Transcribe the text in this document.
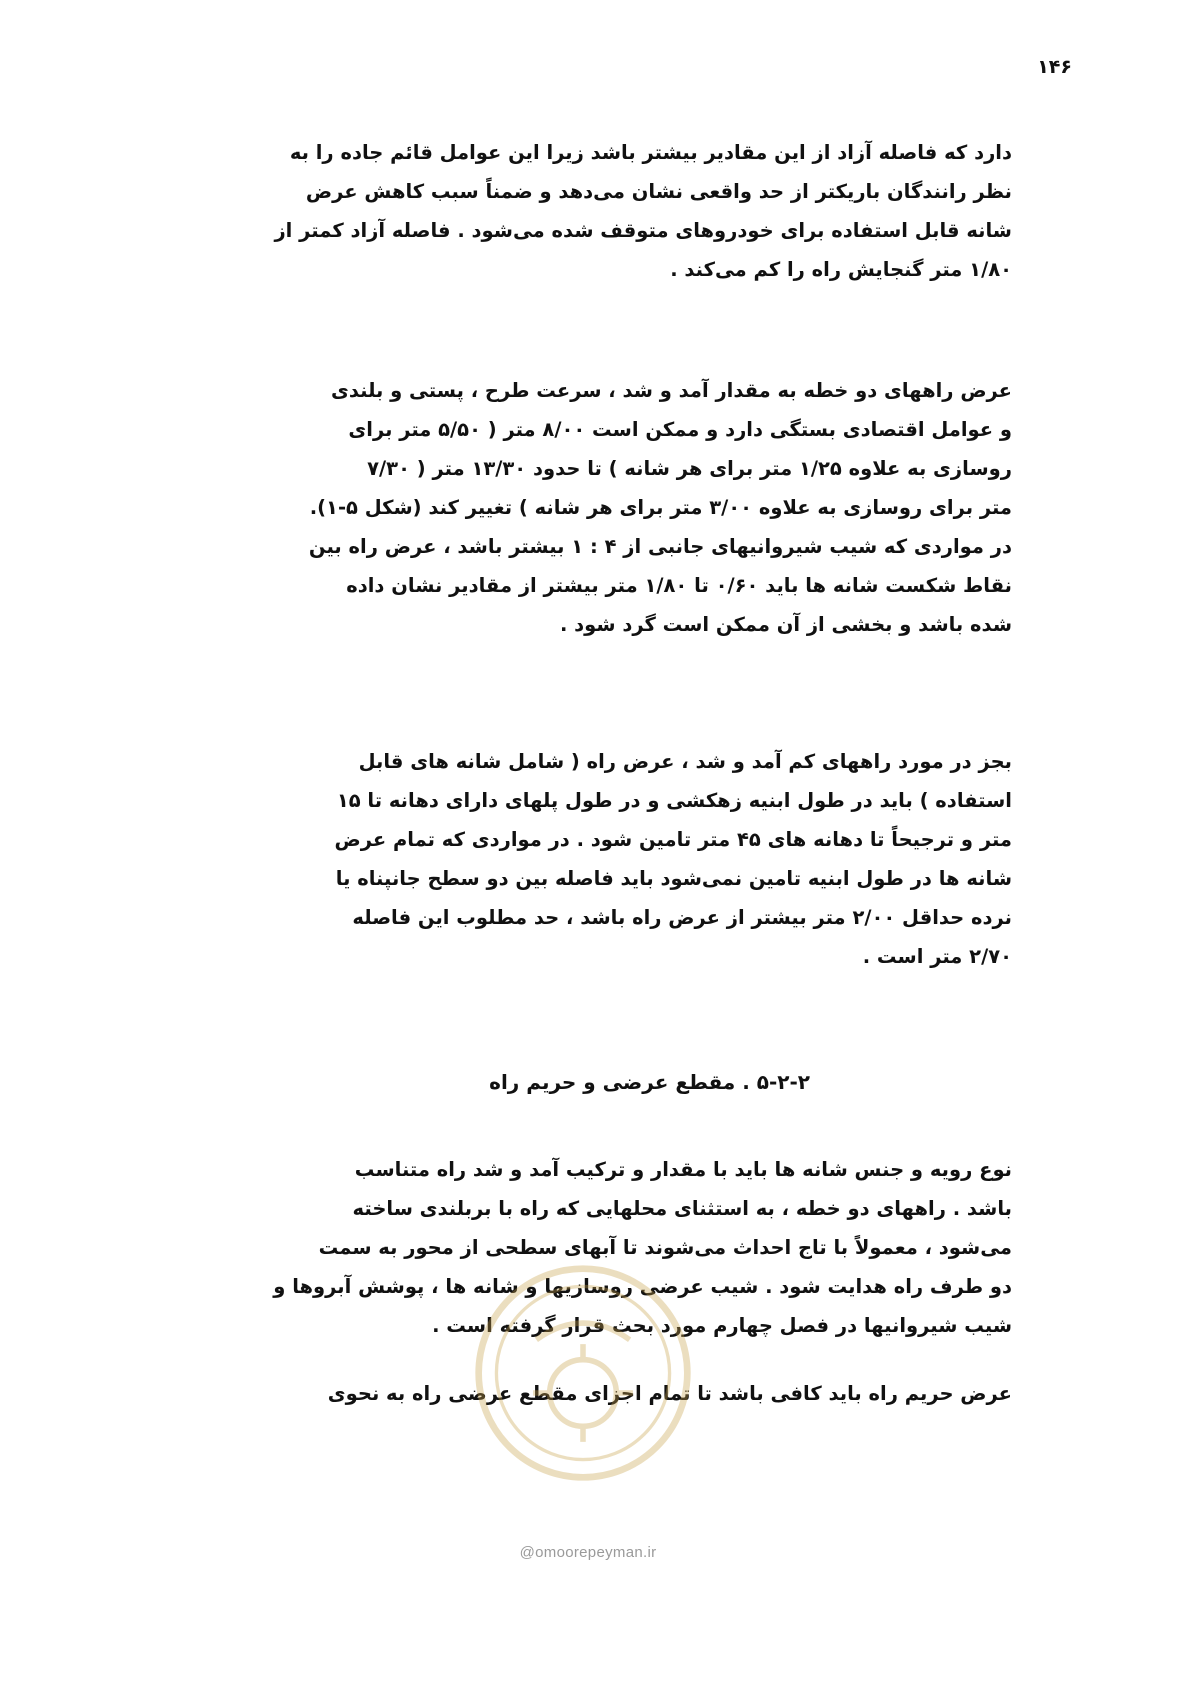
۱۴۶

دارد که فاصله آزاد از این مقادیر بیشتر باشد زیرا این عوامل قائم جاده را به
نظر رانندگان باریکتر از حد واقعی نشان می‌دهد و ضمناً سبب کاهش عرض
شانه قابل استفاده برای خودروهای متوقف شده می‌شود . فاصله آزاد کمتر از
۱/۸۰ متر گنجایش راه را کم می‌کند .

عرض راههای دو خطه به مقدار آمد و شد ، سرعت طرح ، پستی و بلندی
و عوامل اقتصادی بستگی دارد و ممکن است ۸/۰۰ متر ( ۵/۵۰ متر برای
روسازی به علاوه ۱/۲۵ متر برای هر شانه ) تا حدود ۱۳/۳۰ متر ( ۷/۳۰
متر برای روسازی به علاوه ۳/۰۰ متر برای هر شانه ) تغییر کند (شکل ۵-۱).
در مواردی که شیب شیروانیهای جانبی از ۴ : ۱ بیشتر باشد ، عرض راه بین
نقاط شکست شانه ها باید ۰/۶۰ تا ۱/۸۰ متر بیشتر از مقادیر نشان داده
شده باشد و بخشی از آن ممکن است گرد شود .

بجز در مورد راههای کم آمد و شد ، عرض راه ( شامل شانه های قابل
استفاده ) باید در طول ابنیه زهکشی و در طول پلهای دارای دهانه تا ۱۵
متر و ترجیحاً تا دهانه های ۴۵ متر تامین شود . در مواردی که تمام عرض
شانه ها در طول ابنیه تامین نمی‌شود باید فاصله بین دو سطح جانپناه یا
نرده حداقل ۲/۰۰ متر بیشتر از عرض راه باشد ، حد مطلوب این فاصله
۲/۷۰ متر است .

۵-۲-۲ . مقطع عرضی و حریم راه

نوع رویه و جنس شانه ها باید با مقدار و ترکیب آمد و شد راه متناسب
باشد . راههای دو خطه ، به استثنای محلهایی که راه با بربلندی ساخته
می‌شود ، معمولاً با تاج احداث می‌شوند تا آبهای سطحی از محور به سمت
دو طرف راه هدایت شود . شیب عرضی روسازیها و شانه ها ، پوشش آبروها و
شیب شیروانیها در فصل چهارم مورد بحث قرار گرفته است .

عرض حریم راه باید کافی باشد تا تمام اجزای مقطع عرضی راه به نحوی

@omoorepeyman.ir
